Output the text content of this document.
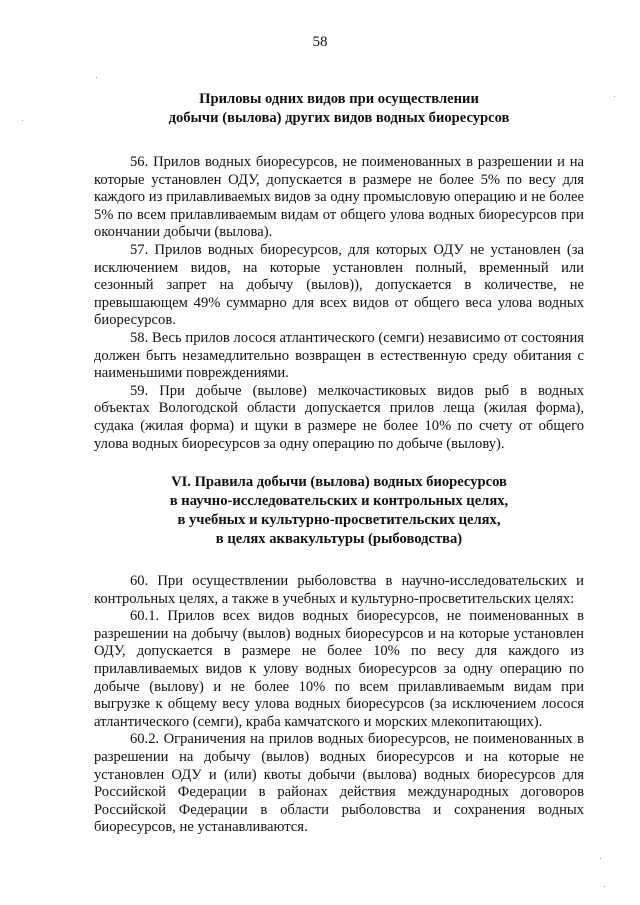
58
Приловы одних видов при осуществлении
добычи (вылова) других видов водных биоресурсов

56. Прилов водных биоресурсов, не поименованных в разрешении и на которые установлен ОДУ, допускается в размере не более 5% по весу для каждого из прилавливаемых видов за одну промысловую операцию и не более 5% по всем прилавливаемым видам от общего улова водных биоресурсов при окончании добычи (вылова).

57. Прилов водных биоресурсов, для которых ОДУ не установлен (за исключением видов, на которые установлен полный, временный или сезонный запрет на добычу (вылов)), допускается в количестве, не превышающем 49% суммарно для всех видов от общего веса улова водных биоресурсов.

58. Весь прилов лосося атлантического (семги) независимо от состояния должен быть незамедлительно возвращен в естественную среду обитания с наименьшими повреждениями.

59. При добыче (вылове) мелкочастиковых видов рыб в водных объектах Вологодской области допускается прилов леща (жилая форма), судака (жилая форма) и щуки в размере не более 10% по счету от общего улова водных биоресурсов за одну операцию по добыче (вылову).

VI. Правила добычи (вылова) водных биоресурсов
в научно-исследовательских и контрольных целях,
в учебных и культурно-просветительских целях,
в целях аквакультуры (рыбоводства)

60. При осуществлении рыболовства в научно-исследовательских и контрольных целях, а также в учебных и культурно-просветительских целях:

60.1. Прилов всех видов водных биоресурсов, не поименованных в разрешении на добычу (вылов) водных биоресурсов и на которые установлен ОДУ, допускается в размере не более 10% по весу для каждого из прилавливаемых видов к улову водных биоресурсов за одну операцию по добыче (вылову) и не более 10% по всем прилавливаемым видам при выгрузке к общему весу улова водных биоресурсов (за исключением лосося атлантического (семги), краба камчатского и морских млекопитающих).

60.2. Ограничения на прилов водных биоресурсов, не поименованных в разрешении на добычу (вылов) водных биоресурсов и на которые не установлен ОДУ и (или) квоты добычи (вылова) водных биоресурсов для Российской Федерации в районах действия международных договоров Российской Федерации в области рыболовства и сохранения водных биоресурсов, не устанавливаются.
